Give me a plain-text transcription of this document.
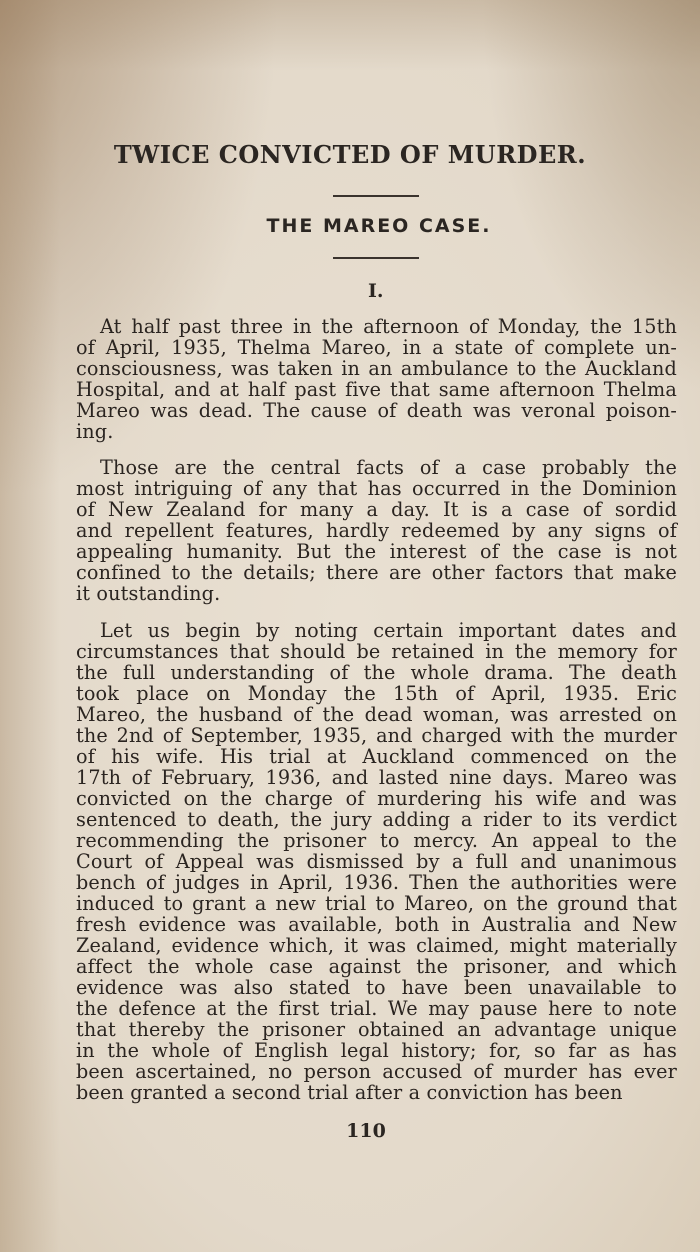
TWICE CONVICTED OF MURDER.
THE MAREO CASE.
I.
At half past three in the afternoon of Monday, the 15th
of April, 1935, Thelma Mareo, in a state of complete un-
consciousness, was taken in an ambulance to the Auckland
Hospital, and at half past five that same afternoon Thelma
Mareo was dead. The cause of death was veronal poison-
ing.
Those are the central facts of a case probably the
most intriguing of any that has occurred in the Dominion
of New Zealand for many a day. It is a case of sordid
and repellent features, hardly redeemed by any signs of
appealing humanity. But the interest of the case is not
confined to the details; there are other factors that make
it outstanding.
Let us begin by noting certain important dates and
circumstances that should be retained in the memory for
the full understanding of the whole drama. The death
took place on Monday the 15th of April, 1935. Eric
Mareo, the husband of the dead woman, was arrested on
the 2nd of September, 1935, and charged with the murder
of his wife. His trial at Auckland commenced on the
17th of February, 1936, and lasted nine days. Mareo was
convicted on the charge of murdering his wife and was
sentenced to death, the jury adding a rider to its verdict
recommending the prisoner to mercy. An appeal to the
Court of Appeal was dismissed by a full and unanimous
bench of judges in April, 1936. Then the authorities were
induced to grant a new trial to Mareo, on the ground that
fresh evidence was available, both in Australia and New
Zealand, evidence which, it was claimed, might materially
affect the whole case against the prisoner, and which
evidence was also stated to have been unavailable to
the defence at the first trial. We may pause here to note
that thereby the prisoner obtained an advantage unique
in the whole of English legal history; for, so far as has
been ascertained, no person accused of murder has ever
been granted a second trial after a conviction has been
110
